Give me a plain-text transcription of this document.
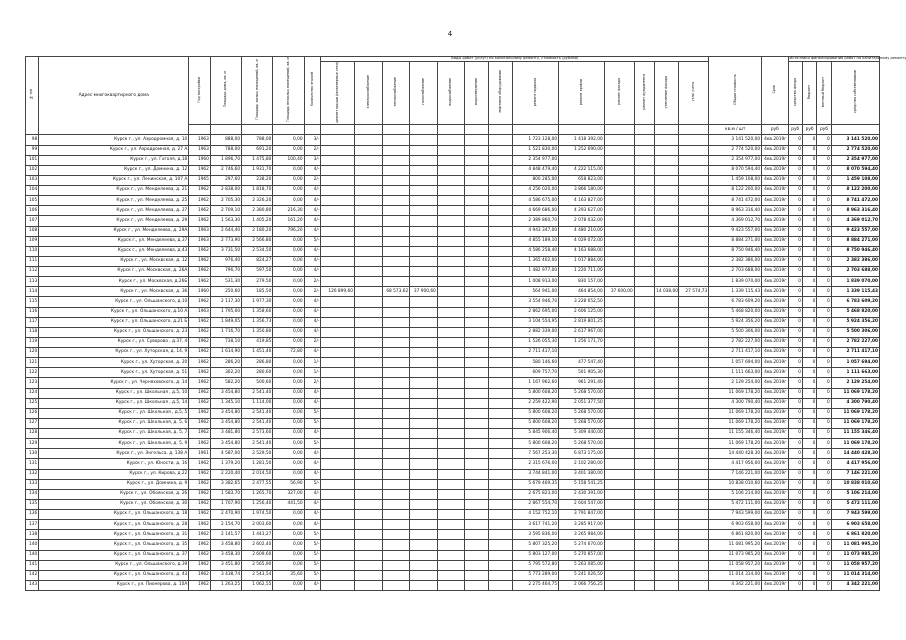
4
№ п/п	Адрес многоквартирного дома	Год постройки	Площадь дома, кв. м	Площадь жилых помещений, кв. м	Площадь нежилых помещений, кв. м	Количество этажей	Виды работ (услуг) по капитальному ремонту, стоимость (рублей)													Общая стоимость	Срок	Источники финансирования работ по капитальному ремонту			
							ремонт крыши (инженерные сети)	электроснабжение	теплоснабжение	газоснабжение	водоснабжение	водоотведение	лифтовое оборудование	ремонт подвала	ремонт кровли	ремонт фасада	ремонт фундамента	утепление фасада	узлы учета			средства фонда	бюджет	местный бюджет	средства собственников
																				кв.м / шт	руб	руб	руб	руб	
98	Курск г., ул. Аэродромная, д. 10	1963	888,00	788,00	0,00	3/-								1 723 128,00	1 418 392,00					3 141 520,00	4кв.2019г	0	0	0	3 141 520,00
99	Курск г., ул. Аэродромная, д. 27 А	1963	788,00	691,20	0,00	2/-								1 521 830,00	1 252 690,00					2 774 520,00	4кв.2019г	0	0	0	2 774 520,00
101	Курск г., ул. Гоголя, д.18	1960	1 896,70	1 475,80	100,40	3/-								2 354 977,00						2 354 977,00	4кв.2019г	0	0	0	2 354 977,00
102	Курск г., ул. Домнина, д. 12	1962	2 746,60	1 931,70	0,00	4/-								4 848 479,40	4 222 115,00					8 070 594,40	4кв.2019г	0	0	0	8 070 594,40
103	Курск г., ул. Ленинская, д. 107 А	1965	297,60	238,20	0,00	2/-								800 285,00	658 823,00					1 459 108,00	4кв.2019г	0	0	0	1 459 108,00
104	Курск г., ул. Менделеева, д. 21	1962	2 838,00	1 818,70	0,00	4/-								4 256 020,00	3 866 180,00					8 122 200,00	4кв.2019г	0	0	0	8 122 200,00
105	Курск г., ул. Менделеева, д. 25	1962	2 705,30	2 326,20	0,00	4/-								4 586 675,00	4 163 827,00					8 741 472,00	4кв.2019г	0	0	0	8 741 472,00
106	Курск г., ул. Менделеева, д. 27	1962	2 709,10	2 380,80	216,30	4/-								4 669 686,00	4 293 627,00					8 963 316,40	4кв.2019г	0	0	0	8 963 316,40
107	Курск г., ул. Менделеева, д. 29	1962	1 563,30	1 405,20	161,20	4/-								2 389 860,70	2 078 032,00					4 369 012,70	4кв.2019г	0	0	0	4 369 012,70
108	Курск г., ул. Менделеева, д. 29А	1963	2 644,40	2 180,20	796,20	4/-								4 943 347,00	4 480 210,00					9 423 557,00	4кв.2019г	0	0	0	9 423 557,00
109	Курск г., ул. Менделеева, д.37	1963	2 773,90	2 566,80	0,00	5/-								4 855 189,10	4 029 072,00					8 884 271,00	4кв.2019г	0	0	0	8 884 271,00
110	Курск г., ул. Менделеева, д.43	1962	3 731,50	2 534,50	0,00	4/-								4 586 258,40	4 163 688,00					8 750 946,40	4кв.2019г	0	0	0	8 750 946,40
111	Курск г., ул. Москвская, д. 12	1962	976,40	824,27	0,00	4/-								1 365 402,00	1 017 884,00					2 382 386,00	4кв.2019г	0	0	0	2 382 386,00
112	Курск г., ул. Москвская, д. 26А	1962	796,70	597,50	0,00	4/-								1 482 977,00	1 220 711,00					2 703 688,00	4кв.2019г	0	0	0	2 703 688,00
113	Курск г., ул. Москвская, д.26Б	1962	531,30	279,50	0,00	2/-								1 008 913,00	830 157,00					1 839 070,00	4кв.2019г	0	0	0	1 839 070,00
114	Курск г., ул. Москвская, д. 36	1960	250,60	185,50	0,00	2/-	126 899,60		68 573,62	37 900,60				564 941,00	464 854,00	37 600,00		14 038,00	27 574,73	1 339 115,43	4кв.2019г	0	0	0	1 339 115,43
115	Курск г., ул. Ольшанского, д.10	1962	2 117,30	1 977,30	0,00	4/-								3 554 946,70	3 228 652,50					6 783 609,20	4кв.2019г	0	0	0	6 783 609,20
116	Курск г., ул. Ольшанского, д.10 А	1963	1 795,00	1 358,60	0,00	4/-								2 862 695,00	2 606 125,00					5 468 820,00	4кв.2019г	0	0	0	5 468 820,00
117	Курск г., ул. Ольшанского, д.21 Б	1962	1 849,05	1 356,73	0,00	4/-								3 104 554,95	2 819 801,25					5 924 356,20	4кв.2019г	0	0	0	5 924 356,20
118	Курск г., ул. Ольшанского, д. 23	1962	1 716,70	1 350,80	0,00	4/-								2 882 339,00	2 617 967,00					5 500 306,00	4кв.2019г	0	0	0	5 500 306,00
119	Курск г., ул. Суворова , д.37, 4	1962	738,10	419,85	0,00	2/-								1 526 055,30	1 256 171,70					2 782 227,00	4кв.2019г	0	0	0	2 782 227,00
120	Курск г., ул. Хуторская, д. 14, 9	1962	1 614,90	1 451,40	72,80	4/-								2 711 417,10						2 711 417,10	4кв.2019г	0	0	0	2 711 417,10
121	Курск г., ул. Хуторская, д. 20	1962	286,20	286,80	0,00	1/-								580 146,60	477 547,40					1 057 694,00	4кв.2019г	0	0	0	1 057 694,00
122	Курск г., ул. Хуторская, д. 51	1962	302,20	280,60	0,00	1/-								609 757,70	501 905,30					1 111 663,00	4кв.2019г	0	0	0	1 111 663,00
123	Курск г., ул. Черняховского, д. 14	1962	582,20	500,60	0,00	2/-								1 167 962,60	961 291,40					2 129 254,00	4кв.2019г	0	0	0	2 129 254,00
124	Курск г., ул. Школьная , д.5, 10	1962	3 454,80	2 541,40	0,00	4/-								5 800 608,20	5 268 570,00					11 069 178,20	4кв.2019г	0	0	0	11 069 178,20
125	Курск г., ул. Школьная , д.5, 14	1962	1 345,10	1 114,00	0,00	4/-								2 259 422,90	2 051 377,50					4 300 790,40	4кв.2019г	0	0	0	4 300 790,40
126	Курск г., ул. Школьная , д.5, 5	1962	3 454,80	2 541,40	0,00	5/-								5 800 608,20	5 268 570,00					11 069 178,20	4кв.2019г	0	0	0	11 069 178,20
127	Курск г., ул. Школьная, д. 5, 6	1962	3 454,80	2 541,40	0,00	5/-								5 800 608,20	5 268 570,00					11 069 178,20	4кв.2019г	0	0	0	11 069 178,20
128	Курск г., ул. Школьная, д. 5, 7	1962	3 481,80	2 573,60	0,00	4/-								5 845 906,40	5 309 440,00					11 155 346,40	4кв.2019г	0	0	0	11 155 346,40
129	Курск г., ул. Школьная, д. 5, 9	1962	3 454,80	2 541,40	0,00	5/-								5 800 608,20	5 268 570,00					11 069 178,20	4кв.2019г	0	0	0	11 069 178,20
130	Курск г., ул. Энгельса, д. 138 А	1961	4 587,00	2 529,50	0,00	4/-								7 567 253,30	6 873 175,00					14 440 428,30	4кв.2019г	0	0	0	14 440 428,30
131	Курск г., ул. Юности, д. 16	1962	1 379,20	1 281,50	0,00	4/-								2 315 676,00	2 102 280,00					4 417 956,00	4кв.2019г	0	0	0	4 417 956,00
132	Курск г., ул. Кирова, д.22	1962	2 220,40	2 014,50	0,00	4/-								3 744 841,00	3 401 380,00					7 146 221,00	4кв.2019г	0	0	0	7 146 221,00
133	Курск г., ул. Домнина, д. 9	1962	3 382,65	2 477,55	56,90	5/-								5 679 469,35	5 158 541,25					10 838 010,60	4кв.2019г	0	0	0	10 838 010,60
134	Курск г., ул. Обоянская, д. 26	1962	1 583,70	1 265,70	327,00	4/-								2 675 823,00	2 430 391,00					5 106 214,00	4кв.2019г	0	0	0	5 106 214,00
135	Курск г., ул. Обоянская, д. 30	1962	1 707,90	1 256,40	441,50	4/-								2 867 554,70	2 604 547,00					5 472 111,00	4кв.2019г	0	0	0	5 472 111,00
136	Курск г., ул. Ольшанского, д. 18	1962	2 470,90	1 974,50	0,00	4/-								4 152 752,10	3 791 847,00					7 943 599,00	4кв.2019г	0	0	0	7 943 599,00
137	Курск г., ул. Ольшанского, д. 28	1962	2 154,70	2 003,60	0,00	4/-								3 617 741,20	3 285 917,00					6 903 658,00	4кв.2019г	0	0	0	6 903 658,00
138	Курск г., ул. Ольшанского, д. 31	1962	2 141,57	1 443,27	0,00	5/-								3 595 836,00	3 265 984,00					6 861 820,00	4кв.2019г	0	0	0	6 861 820,00
140	Курск г., ул. Ольшанского, д. 35	1962	3 458,80	2 602,40	0,00	5/-								5 807 325,20	5 274 670,00					11 081 995,20	4кв.2019г	0	0	0	11 081 995,20
140	Курск г., ул. Ольшанского, д. 37	1962	3 458,30	2 609,60	0,00	5/-								5 803 127,00	5 270 857,00					11 073 985,20	4кв.2019г	0	0	0	11 073 985,20
141	Курск г., ул. Ольшанского, д.39	1962	3 451,80	2 565,90	0,00	5/-								5 795 572,80	5 263 085,00					11 058 957,20	4кв.2019г	0	0	0	11 058 957,20
142	Курск г., ул. Ольшанского, д. 43	1962	3 438,74	2 543,54	35,60	5/-								5 773 289,00	5 241 026,50					11 014 314,00	4кв.2019г	0	0	0	11 014 314,00
143	Курск г., ул. Пионерова, д. 10А	1962	1 263,25	1 062,55	0,00	4/-								2 275 464,75	2 066 756,25					4 342 221,00	4кв.2019г	0	0	0	4 342 221,00
